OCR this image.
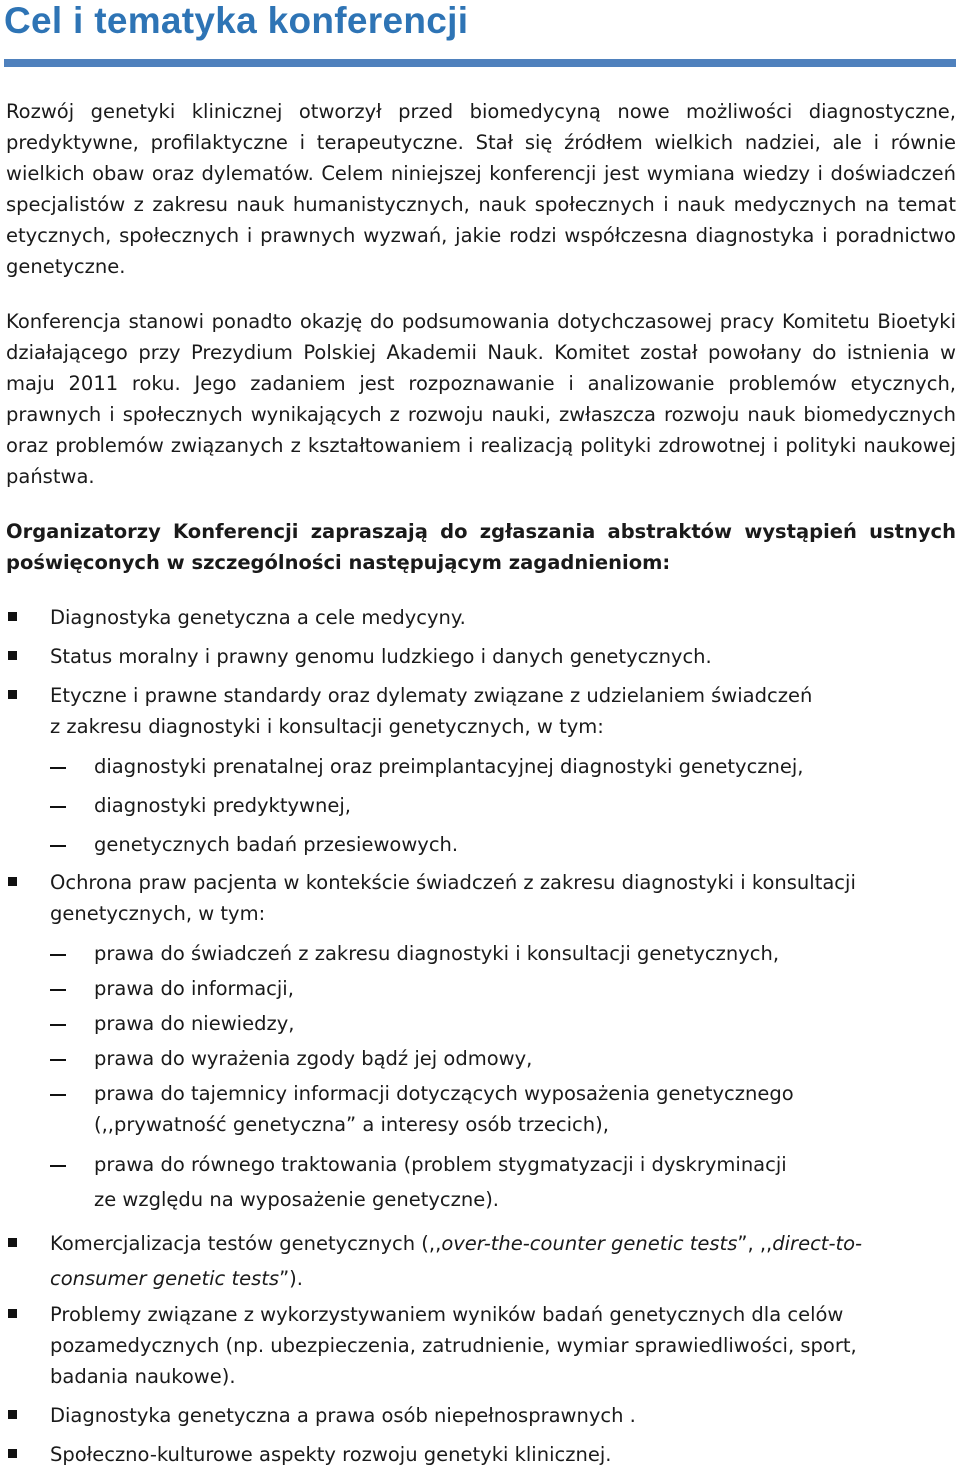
Cel i tematyka konferencji

Rozwój genetyki klinicznej otworzył przed biomedycyną nowe możliwości diagnostyczne, predyktywne, profilaktyczne i terapeutyczne. Stał się źródłem wielkich nadziei, ale i równie wielkich obaw oraz dylematów. Celem niniejszej konferencji jest wymiana wiedzy i doświadczeń specjalistów z zakresu nauk humanistycznych, nauk społecznych i nauk medycznych na temat etycznych, społecznych i prawnych wyzwań, jakie rodzi współczesna diagnostyka i poradnictwo genetyczne.

Konferencja stanowi ponadto okazję do podsumowania dotychczasowej pracy Komitetu Bioetyki działającego przy Prezydium Polskiej Akademii Nauk. Komitet został powołany do istnienia w maju 2011 roku. Jego zadaniem jest rozpoznawanie i analizowanie problemów etycznych, prawnych i społecznych wynikających z rozwoju nauki, zwłaszcza rozwoju nauk biomedycznych oraz problemów związanych z kształtowaniem i realizacją polityki zdrowotnej i polityki naukowej państwa.

Organizatorzy Konferencji zapraszają do zgłaszania abstraktów wystąpień ustnych poświęconych w szczególności następującym zagadnieniom:

Diagnostyka genetyczna a cele medycyny.

Status moralny i prawny genomu ludzkiego i danych genetycznych.

Etyczne i prawne standardy oraz dylematy związane z udzielaniem świadczeń

z zakresu diagnostyki i konsultacji genetycznych, w tym:

diagnostyki prenatalnej oraz preimplantacyjnej diagnostyki genetycznej,

diagnostyki predyktywnej,

genetycznych badań przesiewowych.

Ochrona praw pacjenta w kontekście świadczeń z zakresu diagnostyki i konsultacji

genetycznych, w tym:

prawa do świadczeń z zakresu diagnostyki i konsultacji genetycznych,

prawa do informacji,

prawa do niewiedzy,

prawa do wyrażenia zgody bądź jej odmowy,

prawa do tajemnicy informacji dotyczących wyposażenia genetycznego

(,,prywatność genetyczna” a interesy osób trzecich),

prawa do równego traktowania (problem stygmatyzacji i dyskryminacji

ze względu na wyposażenie genetyczne).

Komercjalizacja testów genetycznych (,,over-the-counter genetic tests”, ,,direct-to-

consumer genetic tests”).

Problemy związane z wykorzystywaniem wyników badań genetycznych dla celów

pozamedycznych (np. ubezpieczenia, zatrudnienie, wymiar sprawiedliwości, sport,

badania naukowe).

Diagnostyka genetyczna a prawa osób niepełnosprawnych .

Społeczno-kulturowe aspekty rozwoju genetyki klinicznej.
